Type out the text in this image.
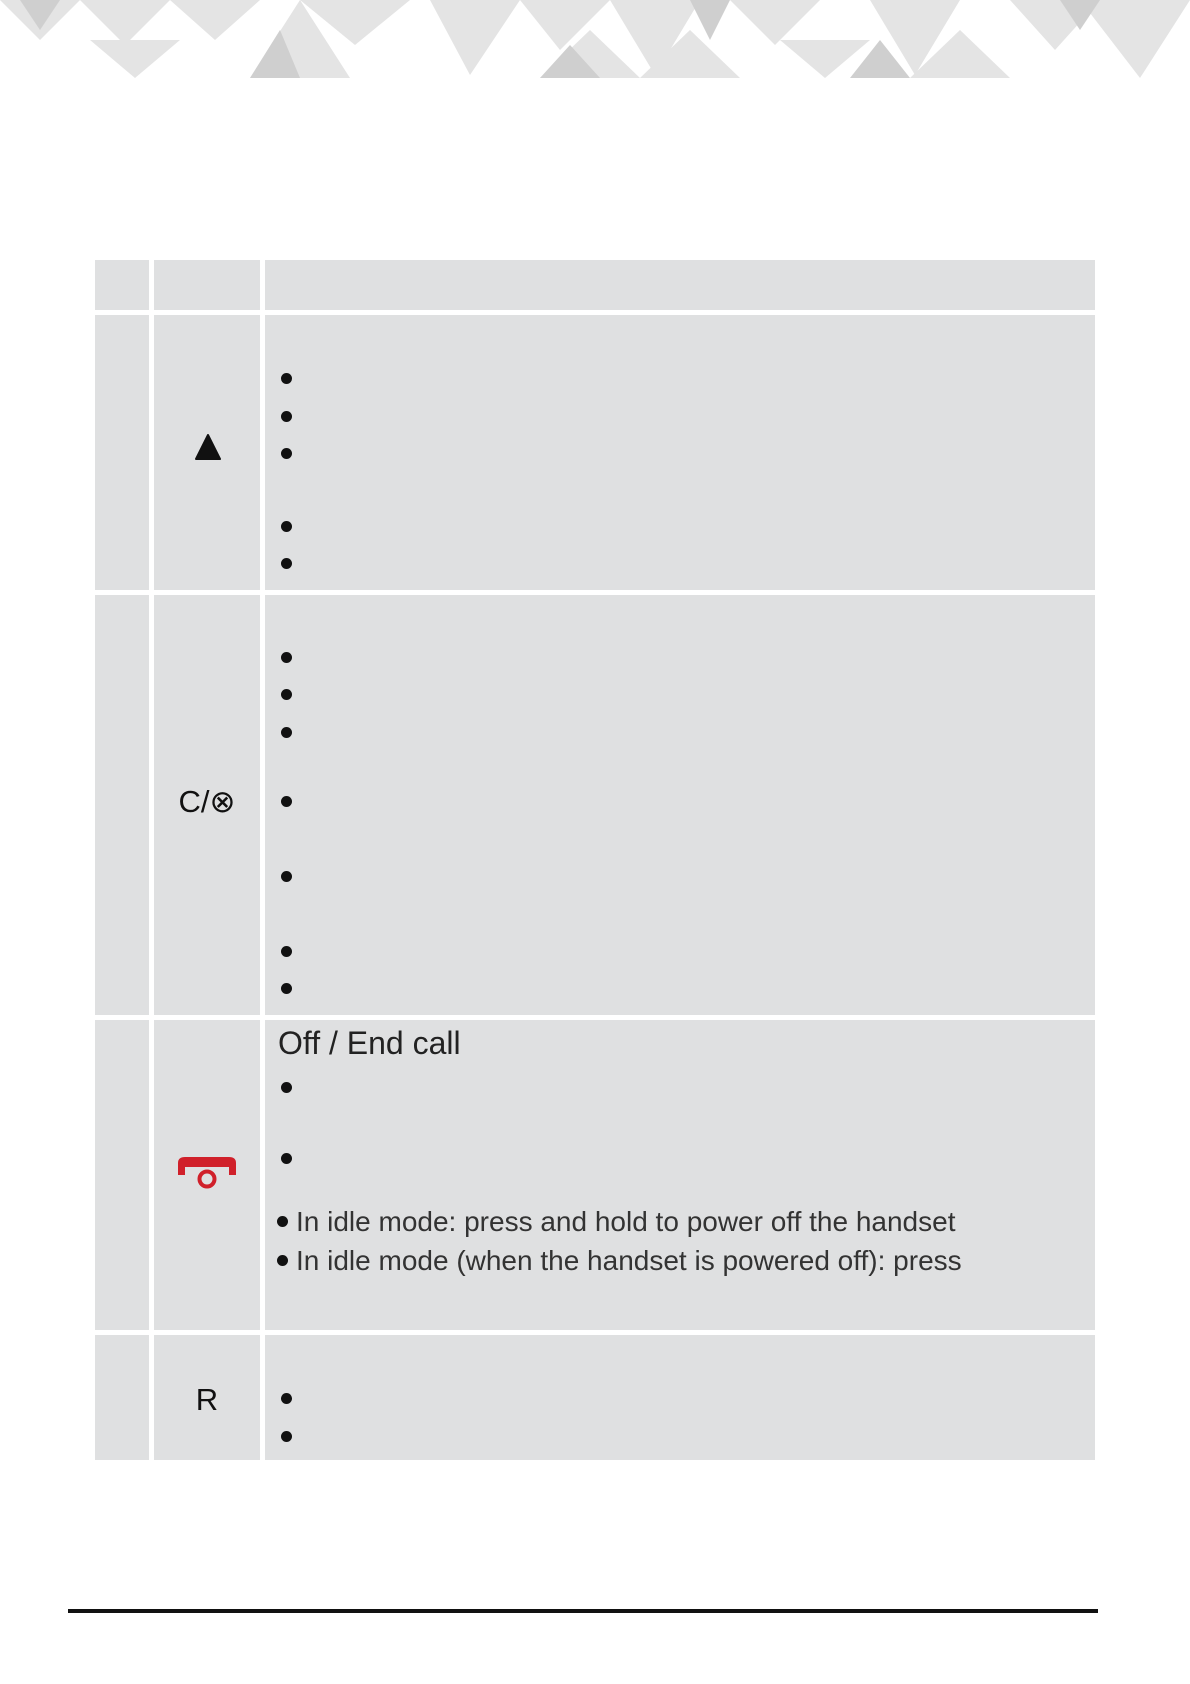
C/⊗
Off / End call
In idle mode: press and hold to power off the handset
In idle mode (when the handset is powered off): press
R
